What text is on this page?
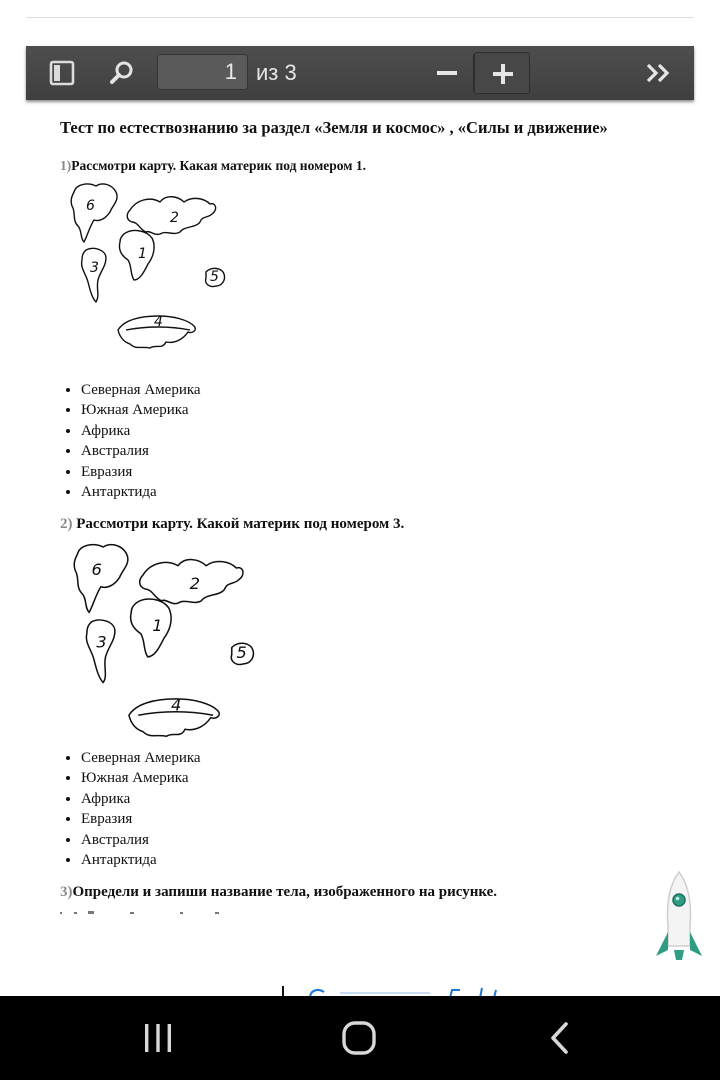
1 из 3
Тест по естествознанию за раздел «Земля и космос» , «Силы и движение»
1)Рассмотри карту. Какая материк под номером 1.
6
2
3
1
5
4
• Северная Америка
• Южная Америка
• Африка
• Австралия
• Евразия
• Антарктида
2) Рассмотри карту. Какой материк под номером 3.
6
2
3
1
5
4
• Северная Америка
• Южная Америка
• Африка
• Евразия
• Австралия
• Антарктида
3)Определи и запиши название тела, изображенного на рисунке.
